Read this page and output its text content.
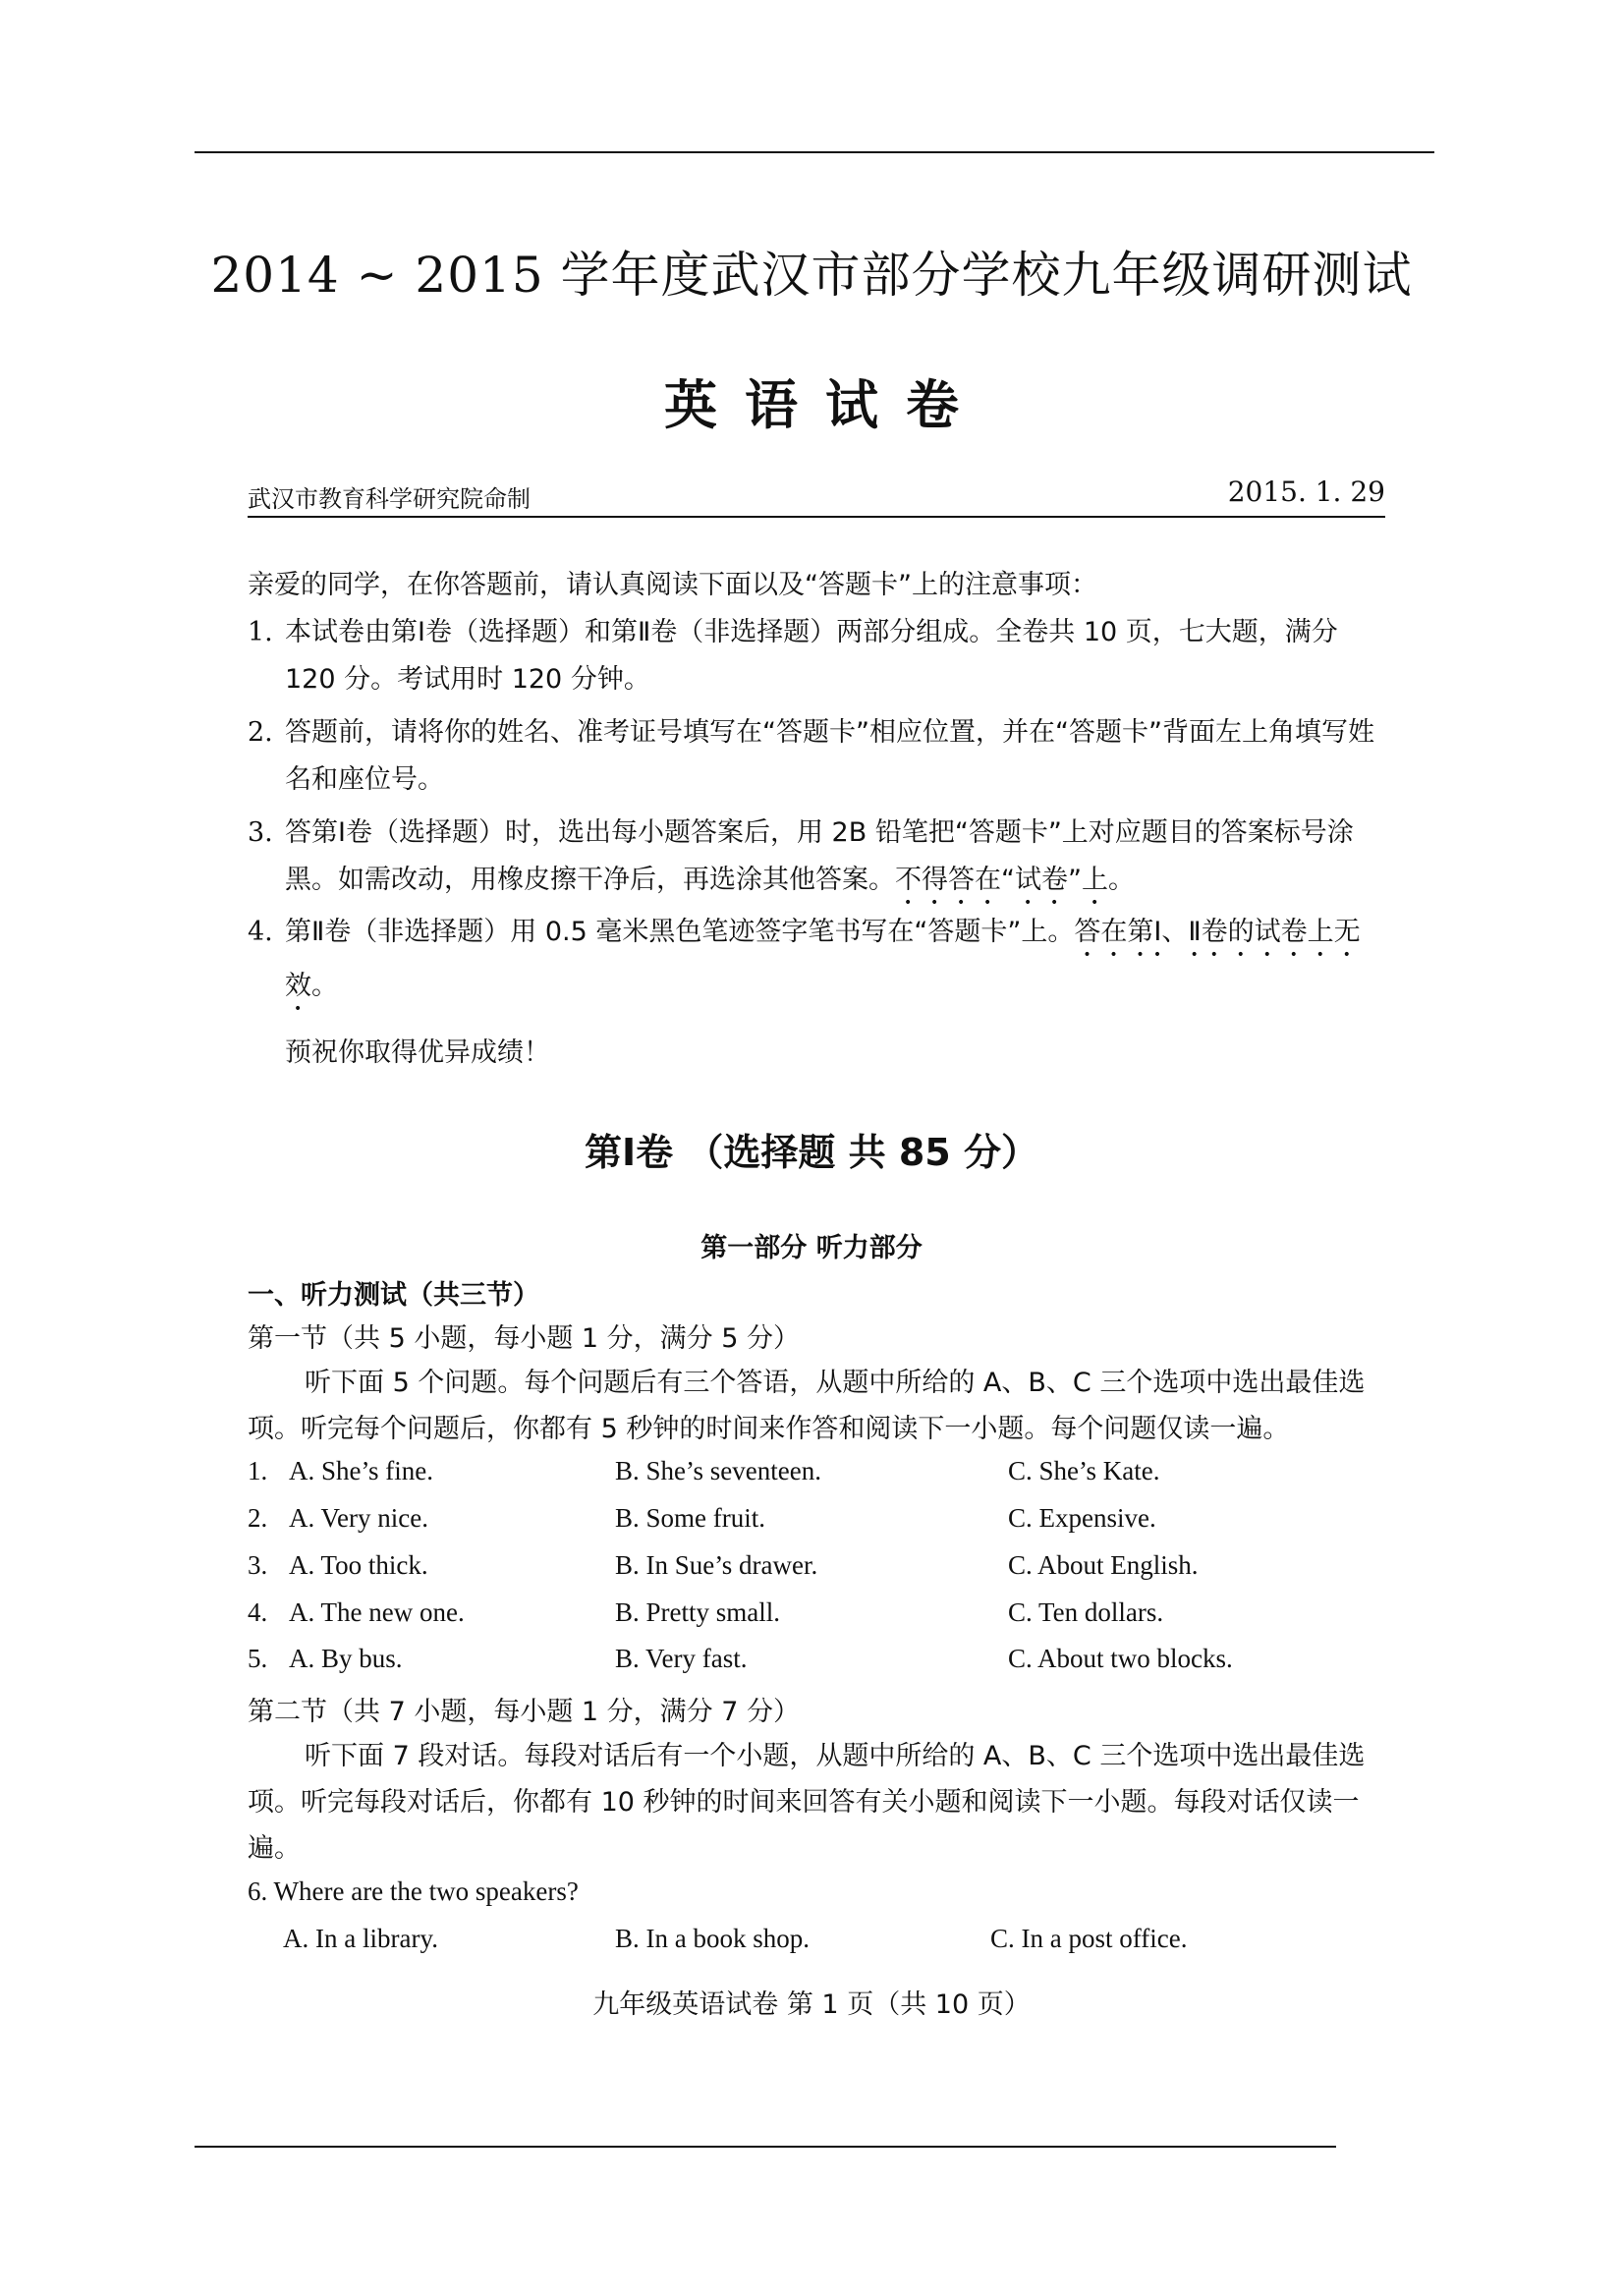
2014 ~ 2015 学年度武汉市部分学校九年级调研测试
英语试卷
武汉市教育科学研究院命制	2015. 1. 29
亲爱的同学，在你答题前，请认真阅读下面以及“答题卡”上的注意事项：
1. 本试卷由第Ⅰ卷（选择题）和第Ⅱ卷（非选择题）两部分组成。全卷共 10 页，七大题，满分 120 分。考试用时 120 分钟。
2. 答题前，请将你的姓名、准考证号填写在“答题卡”相应位置，并在“答题卡”背面左上角填写姓名和座位号。
3. 答第Ⅰ卷（选择题）时，选出每小题答案后，用 2B 铅笔把“答题卡”上对应题目的答案标号涂黑。如需改动，用橡皮擦干净后，再选涂其他答案。不得答在“试卷”上。
4. 第Ⅱ卷（非选择题）用 0.5 毫米黑色笔迹签字笔书写在“答题卡”上。答在第Ⅰ、Ⅱ卷的试卷上无效。
预祝你取得优异成绩！
第Ⅰ卷 （选择题 共 85 分）
第一部分 听力部分
一、听力测试（共三节）
第一节（共 5 小题，每小题 1 分，满分 5 分）
听下面 5 个问题。每个问题后有三个答语，从题中所给的 A、B、C 三个选项中选出最佳选项。听完每个问题后，你都有 5 秒钟的时间来作答和阅读下一小题。每个问题仅读一遍。
1. A. She’s fine.	B. She’s seventeen.	C. She’s Kate.
2. A. Very nice.	B. Some fruit.	C. Expensive.
3. A. Too thick.	B. In Sue’s drawer.	C. About English.
4. A. The new one.	B. Pretty small.	C. Ten dollars.
5. A. By bus.	B. Very fast.	C. About two blocks.
第二节（共 7 小题，每小题 1 分，满分 7 分）
听下面 7 段对话。每段对话后有一个小题，从题中所给的 A、B、C 三个选项中选出最佳选项。听完每段对话后，你都有 10 秒钟的时间来回答有关小题和阅读下一小题。每段对话仅读一遍。
6. Where are the two speakers?
A. In a library.	B. In a book shop.	C. In a post office.
九年级英语试卷 第 1 页（共 10 页）
